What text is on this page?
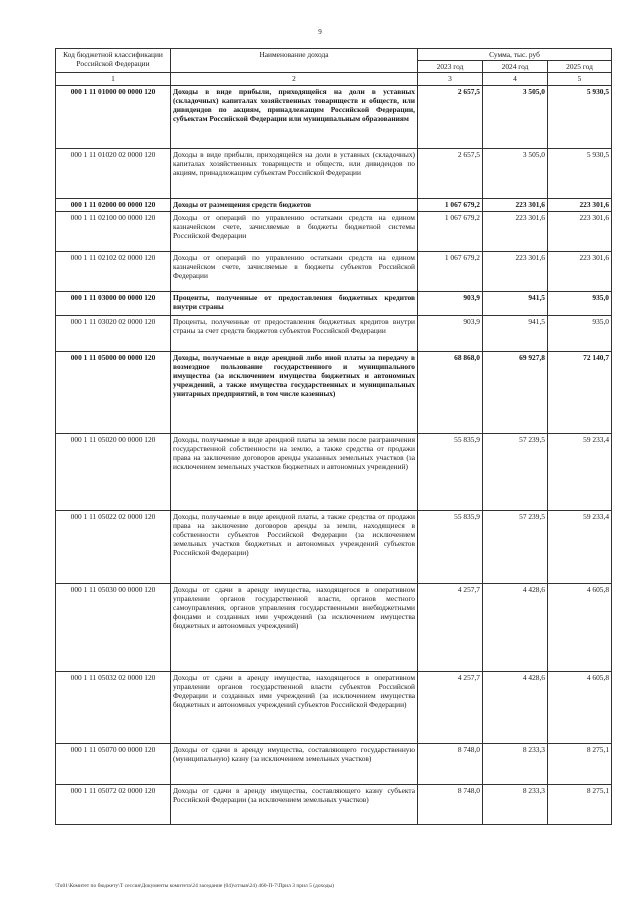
9
Код бюджетной классификации Российской Федерации	Наименование дохода	Сумма, тыс. руб		
		2023 год	2024 год	2025 год
1	2	3	4	5
000 1 11 01000 00 0000 120	Доходы в виде прибыли, приходящейся на доли в уставных (складочных) капиталах хозяйственных товариществ и обществ, или дивидендов по акциям, принадлежащим Российской Федерации, субъектам Российской Федерации или муниципальным образованиям	2 657,5	3 505,0	5 930,5
000 1 11 01020 02 0000 120	Доходы в виде прибыли, приходящейся на доли в уставных (складочных) капиталах хозяйственных товариществ и обществ, или дивидендов по акциям, принадлежащим субъектам Российской Федерации	2 657,5	3 505,0	5 930,5
000 1 11 02000 00 0000 120	Доходы от размещения средств бюджетов	1 067 679,2	223 301,6	223 301,6
000 1 11 02100 00 0000 120	Доходы от операций по управлению остатками средств на едином казначейском счете, зачисляемые в бюджеты бюджетной системы Российской Федерации	1 067 679,2	223 301,6	223 301,6
000 1 11 02102 02 0000 120	Доходы от операций по управлению остатками средств на едином казначейском счете, зачисляемые в бюджеты субъектов Российской Федерации	1 067 679,2	223 301,6	223 301,6
000 1 11 03000 00 0000 120	Проценты, полученные от предоставления бюджетных кредитов внутри страны	903,9	941,5	935,0
000 1 11 03020 02 0000 120	Проценты, полученные от предоставления бюджетных кредитов внутри страны за счет средств бюджетов субъектов Российской Федерации	903,9	941,5	935,0
000 1 11 05000 00 0000 120	Доходы, получаемые в виде арендной либо иной платы за передачу в возмездное пользование государственного и муниципального имущества (за исключением имущества бюджетных и автономных учреждений, а также имущества государственных и муниципальных унитарных предприятий, в том числе казенных)	68 868,0	69 927,8	72 140,7
000 1 11 05020 00 0000 120	Доходы, получаемые в виде арендной платы за земли после разграничения государственной собственности на землю, а также средства от продажи права на заключение договоров аренды указанных земельных участков (за исключением земельных участков бюджетных и автономных учреждений)	55 835,9	57 239,5	59 233,4
000 1 11 05022 02 0000 120	Доходы, получаемые в виде арендной платы, а также средства от продажи права на заключение договоров аренды за земли, находящиеся в собственности субъектов Российской Федерации (за исключением земельных участков бюджетных и автономных учреждений субъектов Российской Федерации)	55 835,9	57 239,5	59 233,4
000 1 11 05030 00 0000 120	Доходы от сдачи в аренду имущества, находящегося в оперативном управлении органов государственной власти, органов местного самоуправления, органов управления государственными внебюджетными фондами и созданных ими учреждений (за исключением имущества бюджетных и автономных учреждений)	4 257,7	4 428,6	4 605,8
000 1 11 05032 02 0000 120	Доходы от сдачи в аренду имущества, находящегося в оперативном управлении органов государственной власти субъектов Российской Федерации и созданных ими учреждений (за исключением имущества бюджетных и автономных учреждений субъектов Российской Федерации)	4 257,7	4 428,6	4 605,8
000 1 11 05070 00 0000 120	Доходы от сдачи в аренду имущества, составляющего государственную (муниципальную) казну (за исключением земельных участков)	8 748,0	8 233,3	8 275,1
000 1 11 05072 02 0000 120	Доходы от сдачи в аренду имущества, составляющего казну субъекта Российской Федерации (за исключением земельных участков)	8 748,0	8 233,3	8 275,1
\Tu01\Комитет по бюджету\Т сессия\Документы комитета\24 заседание (04)\отзыв\24) 460-П-7\Прил 3 прил 5 (доходы)
